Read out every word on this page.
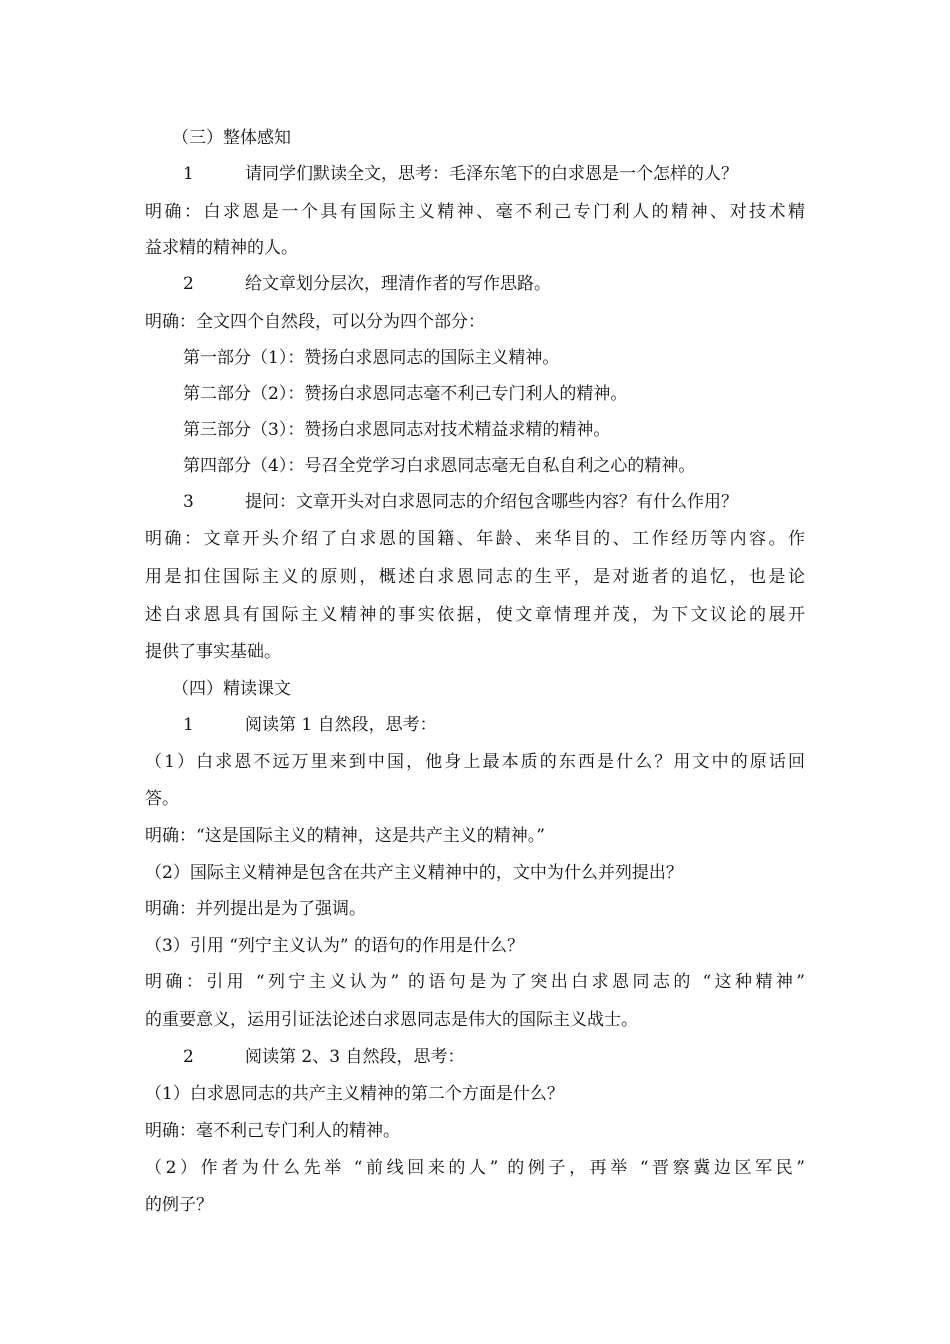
（三）整体感知
1	请同学们默读全文，思考：毛泽东笔下的白求恩是一个怎样的人？
明确：白求恩是一个具有国际主义精神、毫不利己专门利人的精神、对技术精
益求精的精神的人。
2	给文章划分层次，理清作者的写作思路。
明确：全文四个自然段，可以分为四个部分：
第一部分（1）：赞扬白求恩同志的国际主义精神。
第二部分（2）：赞扬白求恩同志毫不利己专门利人的精神。
第三部分（3）：赞扬白求恩同志对技术精益求精的精神。
第四部分（4）：号召全党学习白求恩同志毫无自私自利之心的精神。
3	提问：文章开头对白求恩同志的介绍包含哪些内容？有什么作用？
明确：文章开头介绍了白求恩的国籍、年龄、来华目的、工作经历等内容。作
用是扣住国际主义的原则，概述白求恩同志的生平，是对逝者的追忆，也是论
述白求恩具有国际主义精神的事实依据，使文章情理并茂，为下文议论的展开
提供了事实基础。
（四）精读课文
1	阅读第 1 自然段，思考：
（1）白求恩不远万里来到中国，他身上最本质的东西是什么？用文中的原话回
答。
明确：“这是国际主义的精神，这是共产主义的精神。”
（2）国际主义精神是包含在共产主义精神中的，文中为什么并列提出？
明确：并列提出是为了强调。
（3）引用 “列宁主义认为” 的语句的作用是什么？
明确：引用 “列宁主义认为” 的语句是为了突出白求恩同志的 “这种精神”
的重要意义，运用引证法论述白求恩同志是伟大的国际主义战士。
2	阅读第 2、3 自然段，思考：
（1）白求恩同志的共产主义精神的第二个方面是什么？
明确：毫不利己专门利人的精神。
（2）作者为什么先举 “前线回来的人” 的例子，再举 “晋察冀边区军民”
的例子？
